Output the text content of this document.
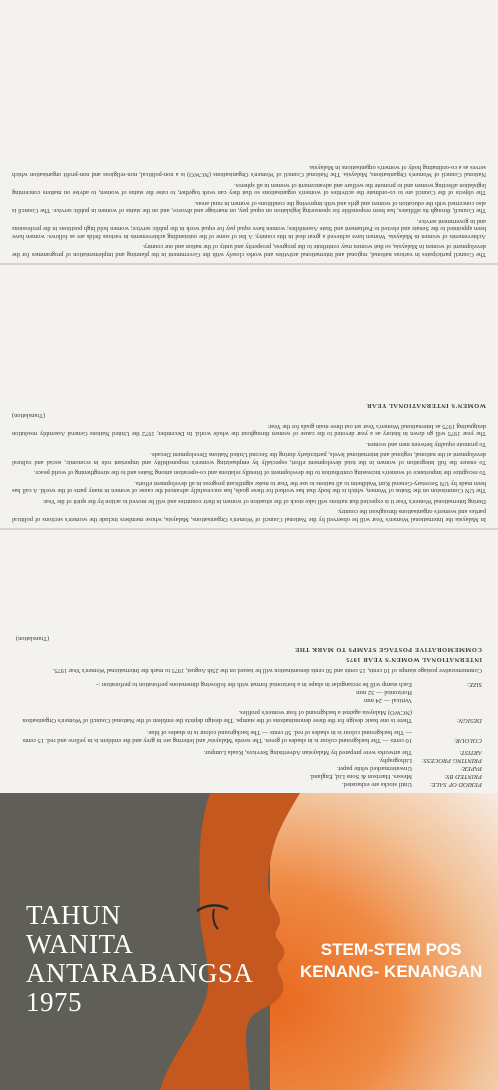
The Council participates in various national, regional and international activities and works closely with the Government in the planning and implementation of programmes for the development of women in Malaysia, so that women may contribute to the progress, prosperity and unity of the nation and our country.

Achievements of women in Malaysia. Women have achieved a great deal in this country. A list of some of the outstanding achievements in various fields are as follows: women have been appointed to the Senate and elected to Parliament and State Assemblies; women have equal pay for equal work in the public service; women hold high positions in the professions and in government service.

The Council, through its affiliates, has been responsible for sponsoring legislation on equal pay, on marriage and divorce, and on the status of women in public service. The Council is also concerned with the education of women and girls and with improving the conditions of women in rural areas.

The objects of the Council are to co-ordinate the activities of women's organisations so that they can work together, to raise the status of women, to advise on matters concerning legislation affecting women and to promote the welfare and advancement of women in all spheres.

National Council of Women's Organisations, Malaysia. The National Council of Women's Organisations (NCWO) is a non-political, non-religious and non-profit organisation which serves as a co-ordinating body of women's organisations in Malaysia.

In Malaysia the International Women's Year will be observed by the National Council of Women's Organisations, Malaysia, whose members include the women's sections of political parties and women's organisations throughout the country.

During International Women's Year it is expected that nations will take stock of the situation of women in their countries and will be moved to action by the spirit of the Year.

The UN Commission on the Status of Women, which is the body that has worked for these goals, has successfully advanced the cause of women in many parts of the world. A call has been made by UN Secretary-General Kurt Waldheim to all nations to use the Year to make significant progress in all development efforts.

To recognize the importance of women's increasing contribution to the development of friendly relations and co-operation among States and to the strengthening of world peace.

To ensure the full integration of women in the total development effort, especially by emphasizing women's responsibility and important role in economic, social and cultural development at the national, regional and international levels, particularly during the Second United Nations Development Decade.

To promote equality between men and women.

The year 1975 will go down in history as a year devoted to the cause of women throughout the whole world. In December, 1972 the United Nations General Assembly resolution designating 1975 as International Women's Year set out three main goals for the Year:

(Translation)

WOMEN'S INTERNATIONAL YEAR

PERIOD OF SALE:
Until stocks are exhausted.
PRINTED BY:
Messrs. Harrison & Sons Ltd, England.
PAPER:
Unwatermarked white paper.
PRINTING PROCESS:
Lithography.
ARTIST:
The artworks were prepared by Malaysian Advertising Services, Kuala Lumpur.
COLOUR:
10 cents — The background colour is in shades of green. The words 'Malaysia' and lettering are in grey and the emblem is in yellow and red. 15 cents — The background colour is in shades of red. 50 cents — The background colour is in shades of blue.
DESIGN:
There is one basic design for the three denominations of the stamps. The design depicts the emblem of the National Council of Women's Organisation (NCWO) Malaysia against a background of four women's profiles.
Vertical — 24 mm
Horizontal — 32 mm
SIZE:
Each stamp will be rectangular in shape in a horizontal format with the following dimensions perforation to perforation :-

Commemorative postage stamps of 10 cents, 15 cents and 50 cents denomination will be issued on the 25th August, 1975 to mark the International Women's Year 1975.

INTERNATIONAL WOMEN'S YEAR 1975

COMMEMORATIVE POSTAGE STAMPS TO MARK THE

(Translation)

TAHUN
WANITA
ANTARABANGSA
1975
STEM-STEM POS
KENANG- KENANGAN
